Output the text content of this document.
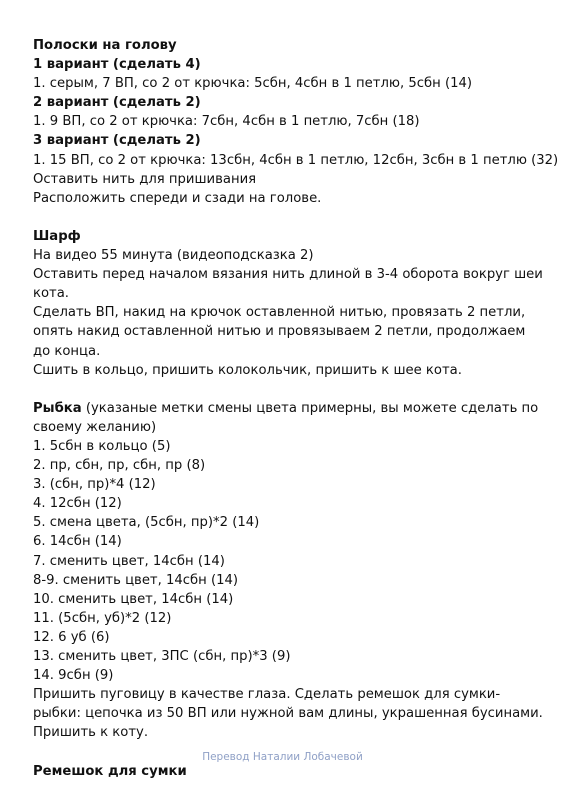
Полоски на голову
1 вариант (сделать 4)
1. серым, 7 ВП, со 2 от крючка: 5сбн, 4сбн в 1 петлю, 5сбн (14)
2 вариант (сделать 2)
1. 9 ВП, со 2 от крючка: 7сбн, 4сбн в 1 петлю, 7сбн (18)
3 вариант (сделать 2)
1. 15 ВП, со 2 от крючка: 13сбн, 4сбн в 1 петлю, 12сбн, 3сбн в 1 петлю (32)
Оставить нить для пришивания
Расположить спереди и сзади на голове.
Шарф
На видео 55 минута (видеоподсказка 2)
Оставить перед началом вязания нить длиной в 3-4 оборота вокруг шеи кота.
Сделать ВП, накид на крючок оставленной нитью, провязать 2 петли, опять накид оставленной нитью и провязываем 2 петли, продолжаем до конца.
Сшить в кольцо, пришить колокольчик, пришить к шее кота.
Рыбка (указаные метки смены цвета примерны, вы можете сделать по своему желанию)
1. 5сбн в кольцо (5)
2. пр, сбн, пр, сбн, пр (8)
3. (сбн, пр)*4 (12)
4. 12сбн (12)
5. смена цвета, (5сбн, пр)*2 (14)
6. 14сбн (14)
7. сменить цвет, 14сбн (14)
8-9. сменить цвет, 14сбн (14)
10. сменить цвет, 14сбн (14)
11. (5сбн, уб)*2 (12)
12. 6 уб (6)
13. сменить цвет, 3ПС (сбн, пр)*3 (9)
14. 9сбн (9)
Пришить пуговицу в качестве глаза. Сделать ремешок для сумки-рыбки: цепочка из 50 ВП или нужной вам длины, украшенная бусинами. Пришить к коту.
Ремешок для сумки
Перевод Наталии Лобачевой
